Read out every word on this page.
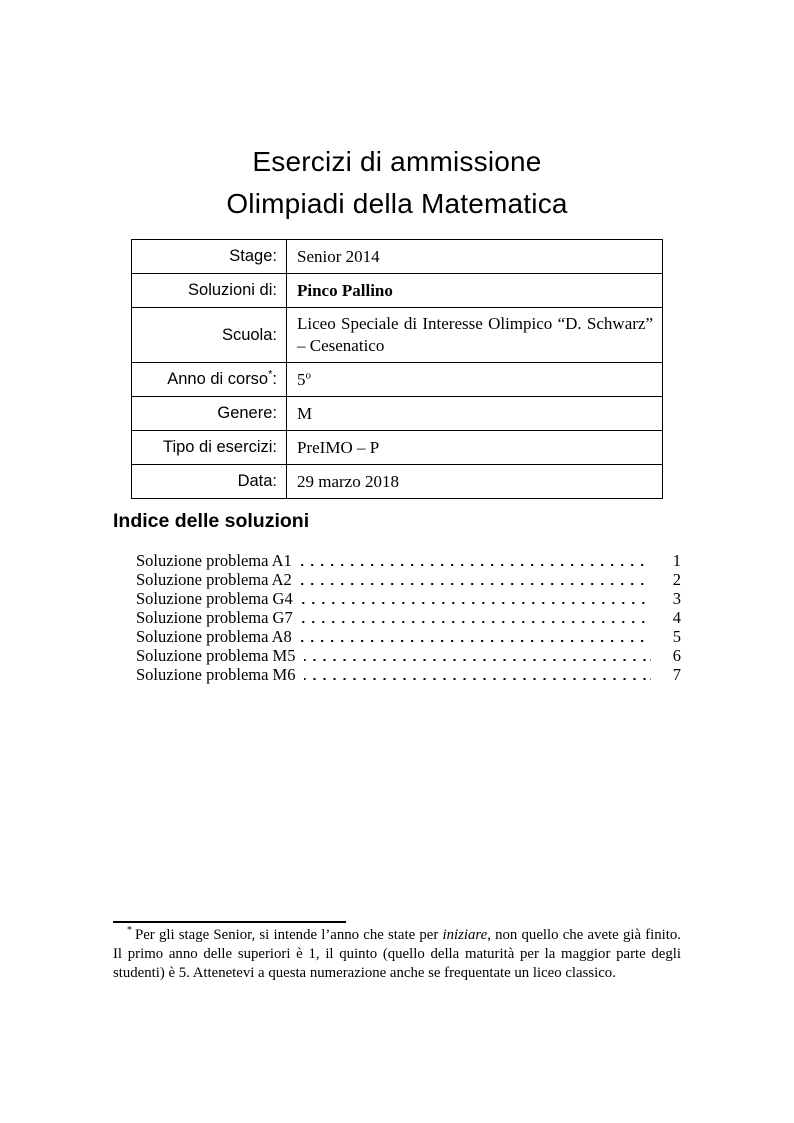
Esercizi di ammissione
Olimpiadi della Matematica
Stage:	Senior 2014
Soluzioni di:	Pinco Pallino
Scuola:	Liceo Speciale di Interesse Olimpico “D. Schwarz” – Cesenatico
Anno di corso*:	5$^o$
Genere:	M
Tipo di esercizi:	PreIMO – P
Data:	29 marzo 2018
Indice delle soluzioni
Soluzione problema A1	1
Soluzione problema A2	2
Soluzione problema G4	3
Soluzione problema G7	4
Soluzione problema A8	5
Soluzione problema M5	6
Soluzione problema M6	7

* Per gli stage Senior, si intende l’anno che state per iniziare, non quello che avete già finito. Il primo anno delle superiori è 1, il quinto (quello della maturità per la maggior parte degli studenti) è 5. Attenetevi a questa numerazione anche se frequentate un liceo classico.
